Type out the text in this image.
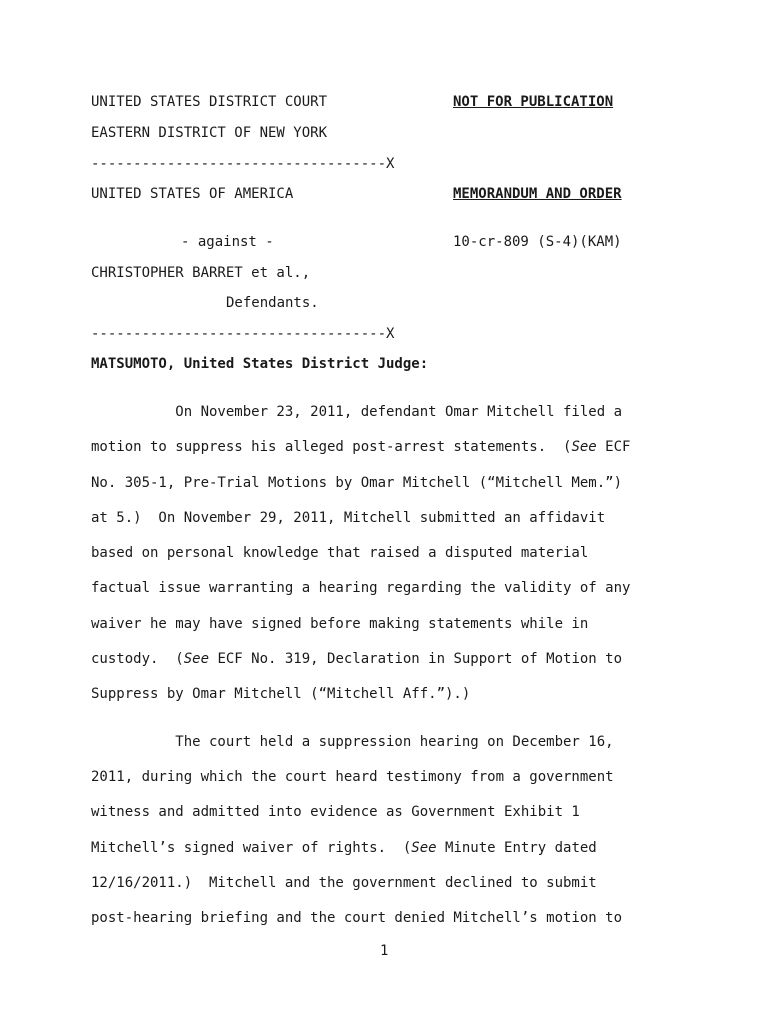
UNITED STATES DISTRICT COURT	NOT FOR PUBLICATION
EASTERN DISTRICT OF NEW YORK
-----------------------------------X
UNITED STATES OF AMERICA	MEMORANDUM AND ORDER
- against -	10-cr-809 (S-4)(KAM)
CHRISTOPHER BARRET et al.,
Defendants.
-----------------------------------X
MATSUMOTO, United States District Judge:
On November 23, 2011, defendant Omar Mitchell filed a
motion to suppress his alleged post-arrest statements.  (See ECF
No. 305-1, Pre-Trial Motions by Omar Mitchell (“Mitchell Mem.”)
at 5.)  On November 29, 2011, Mitchell submitted an affidavit
based on personal knowledge that raised a disputed material
factual issue warranting a hearing regarding the validity of any
waiver he may have signed before making statements while in
custody.  (See ECF No. 319, Declaration in Support of Motion to
Suppress by Omar Mitchell (“Mitchell Aff.”).)
The court held a suppression hearing on December 16,
2011, during which the court heard testimony from a government
witness and admitted into evidence as Government Exhibit 1
Mitchell’s signed waiver of rights.  (See Minute Entry dated
12/16/2011.)  Mitchell and the government declined to submit
post-hearing briefing and the court denied Mitchell’s motion to
1
